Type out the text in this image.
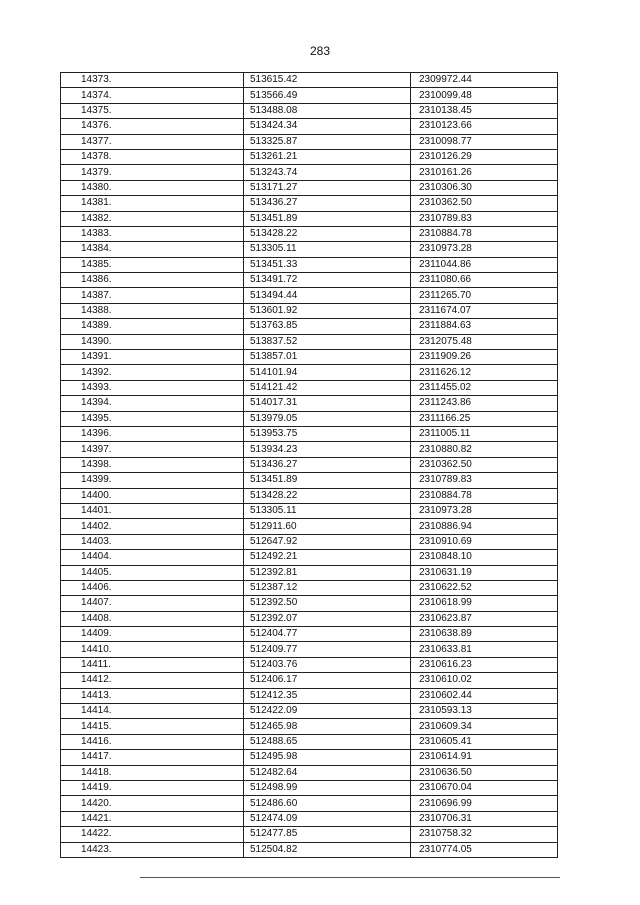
283
14373.	513615.42	2309972.44
14374.	513566.49	2310099.48
14375.	513488.08	2310138.45
14376.	513424.34	2310123.66
14377.	513325.87	2310098.77
14378.	513261.21	2310126.29
14379.	513243.74	2310161.26
14380.	513171.27	2310306.30
14381.	513436.27	2310362.50
14382.	513451.89	2310789.83
14383.	513428.22	2310884.78
14384.	513305.11	2310973.28
14385.	513451.33	2311044.86
14386.	513491.72	2311080.66
14387.	513494.44	2311265.70
14388.	513601.92	2311674.07
14389.	513763.85	2311884.63
14390.	513837.52	2312075.48
14391.	513857.01	2311909.26
14392.	514101.94	2311626.12
14393.	514121.42	2311455.02
14394.	514017.31	2311243.86
14395.	513979.05	2311166.25
14396.	513953.75	2311005.11
14397.	513934.23	2310880.82
14398.	513436.27	2310362.50
14399.	513451.89	2310789.83
14400.	513428.22	2310884.78
14401.	513305.11	2310973.28
14402.	512911.60	2310886.94
14403.	512647.92	2310910.69
14404.	512492.21	2310848.10
14405.	512392.81	2310631.19
14406.	512387.12	2310622.52
14407.	512392.50	2310618.99
14408.	512392.07	2310623.87
14409.	512404.77	2310638.89
14410.	512409.77	2310633.81
14411.	512403.76	2310616.23
14412.	512406.17	2310610.02
14413.	512412.35	2310602.44
14414.	512422.09	2310593.13
14415.	512465.98	2310609.34
14416.	512488.65	2310605.41
14417.	512495.98	2310614.91
14418.	512482.64	2310636.50
14419.	512498.99	2310670.04
14420.	512486.60	2310696.99
14421.	512474.09	2310706.31
14422.	512477.85	2310758.32
14423.	512504.82	2310774.05
